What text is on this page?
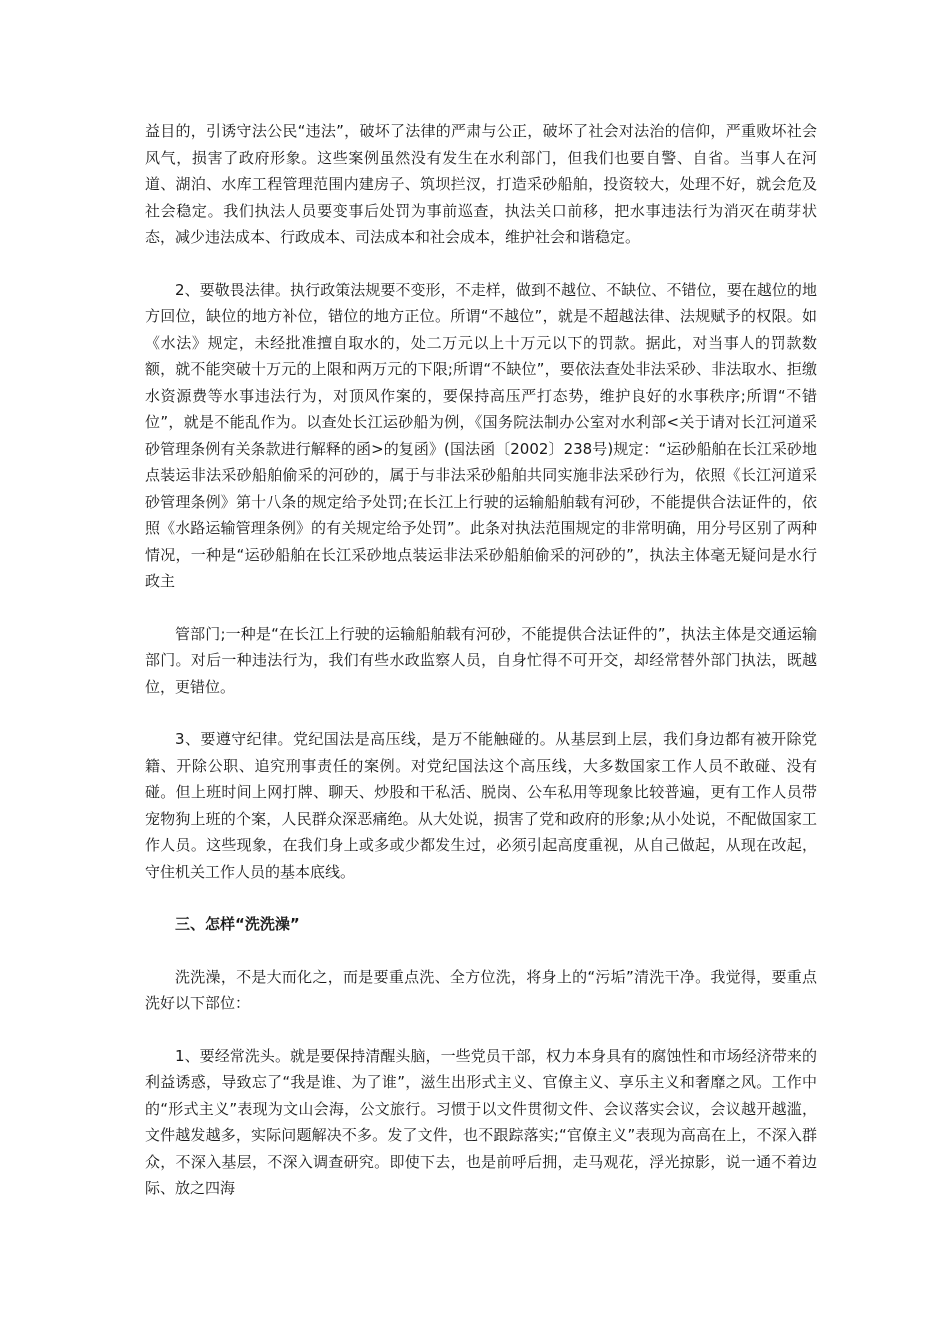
益目的，引诱守法公民“违法”，破坏了法律的严肃与公正，破坏了社会对法治的信仰，严重败坏社会风气，损害了政府形象。这些案例虽然没有发生在水利部门，但我们也要自警、自省。当事人在河道、湖泊、水库工程管理范围内建房子、筑坝拦汊，打造采砂船舶，投资较大，处理不好，就会危及社会稳定。我们执法人员要变事后处罚为事前巡查，执法关口前移，把水事违法行为消灭在萌芽状态，减少违法成本、行政成本、司法成本和社会成本，维护社会和谐稳定。

2、要敬畏法律。执行政策法规要不变形，不走样，做到不越位、不缺位、不错位，要在越位的地方回位，缺位的地方补位，错位的地方正位。所谓“不越位”，就是不超越法律、法规赋予的权限。如《水法》规定，未经批准擅自取水的，处二万元以上十万元以下的罚款。据此，对当事人的罚款数额，就不能突破十万元的上限和两万元的下限;所谓“不缺位”，要依法查处非法采砂、非法取水、拒缴水资源费等水事违法行为，对顶风作案的，要保持高压严打态势，维护良好的水事秩序;所谓“不错位”，就是不能乱作为。以查处长江运砂船为例，《国务院法制办公室对水利部<关于请对长江河道采砂管理条例有关条款进行解释的函>的复函》(国法函〔2002〕238号)规定：“运砂船舶在长江采砂地点装运非法采砂船舶偷采的河砂的，属于与非法采砂船舶共同实施非法采砂行为，依照《长江河道采砂管理条例》第十八条的规定给予处罚;在长江上行驶的运输船舶载有河砂，不能提供合法证件的，依照《水路运输管理条例》的有关规定给予处罚”。此条对执法范围规定的非常明确，用分号区别了两种情况，一种是“运砂船舶在长江采砂地点装运非法采砂船舶偷采的河砂的”，执法主体毫无疑问是水行政主

管部门;一种是“在长江上行驶的运输船舶载有河砂，不能提供合法证件的”，执法主体是交通运输部门。对后一种违法行为，我们有些水政监察人员，自身忙得不可开交，却经常替外部门执法，既越位，更错位。

3、要遵守纪律。党纪国法是高压线，是万不能触碰的。从基层到上层，我们身边都有被开除党籍、开除公职、追究刑事责任的案例。对党纪国法这个高压线，大多数国家工作人员不敢碰、没有碰。但上班时间上网打牌、聊天、炒股和干私活、脱岗、公车私用等现象比较普遍，更有工作人员带宠物狗上班的个案，人民群众深恶痛绝。从大处说，损害了党和政府的形象;从小处说，不配做国家工作人员。这些现象，在我们身上或多或少都发生过，必须引起高度重视，从自己做起，从现在改起，守住机关工作人员的基本底线。

三、怎样“洗洗澡”

洗洗澡，不是大而化之，而是要重点洗、全方位洗，将身上的“污垢”清洗干净。我觉得，要重点洗好以下部位：

1、要经常洗头。就是要保持清醒头脑，一些党员干部，权力本身具有的腐蚀性和市场经济带来的利益诱惑，导致忘了“我是谁、为了谁”，滋生出形式主义、官僚主义、享乐主义和奢靡之风。工作中的“形式主义”表现为文山会海，公文旅行。习惯于以文件贯彻文件、会议落实会议，会议越开越滥，文件越发越多，实际问题解决不多。发了文件，也不跟踪落实;“官僚主义”表现为高高在上，不深入群众，不深入基层，不深入调查研究。即使下去，也是前呼后拥，走马观花，浮光掠影，说一通不着边际、放之四海
